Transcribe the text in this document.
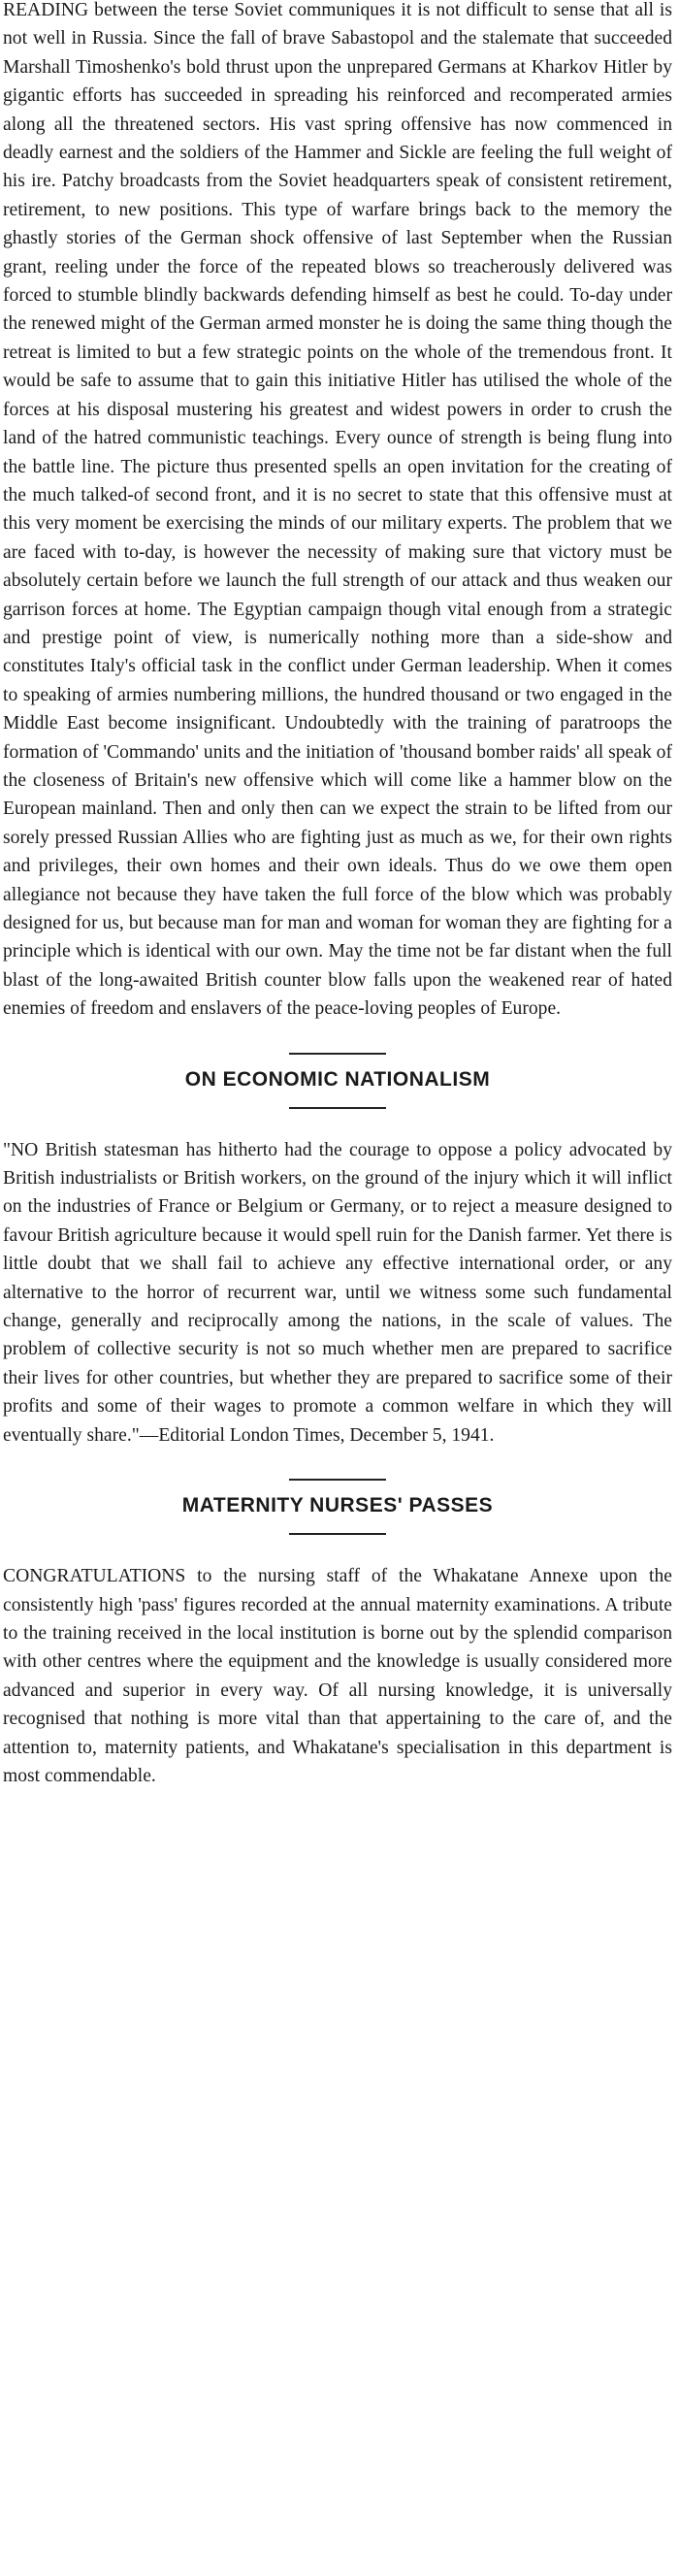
READING between the terse Soviet communiques it is not difficult to sense that all is not well in Russia. Since the fall of brave Sabastopol and the stalemate that succeeded Marshall Timoshenko's bold thrust upon the unprepared Germans at Kharkov Hitler by gigantic efforts has succeeded in spreading his reinforced and recomperated armies along all the threatened sectors. His vast spring offensive has now commenced in deadly earnest and the soldiers of the Hammer and Sickle are feeling the full weight of his ire. Patchy broadcasts from the Soviet headquarters speak of consistent retirement, retirement, to new positions. This type of warfare brings back to the memory the ghastly stories of the German shock offensive of last September when the Russian grant, reeling under the force of the repeated blows so treacherously delivered was forced to stumble blindly backwards defending himself as best he could. To-day under the renewed might of the German armed monster he is doing the same thing though the retreat is limited to but a few strategic points on the whole of the tremendous front. It would be safe to assume that to gain this initiative Hitler has utilised the whole of the forces at his disposal mustering his greatest and widest powers in order to crush the land of the hatred communistic teachings. Every ounce of strength is being flung into the battle line. The picture thus presented spells an open invitation for the creating of the much talked-of second front, and it is no secret to state that this offensive must at this very moment be exercising the minds of our military experts. The problem that we are faced with to-day, is however the necessity of making sure that victory must be absolutely certain before we launch the full strength of our attack and thus weaken our garrison forces at home. The Egyptian campaign though vital enough from a strategic and prestige point of view, is numerically nothing more than a side-show and constitutes Italy's official task in the conflict under German leadership. When it comes to speaking of armies numbering millions, the hundred thousand or two engaged in the Middle East become insignificant. Undoubtedly with the training of paratroops the formation of 'Commando' units and the initiation of 'thousand bomber raids' all speak of the closeness of Britain's new offensive which will come like a hammer blow on the European mainland. Then and only then can we expect the strain to be lifted from our sorely pressed Russian Allies who are fighting just as much as we, for their own rights and privileges, their own homes and their own ideals. Thus do we owe them open allegiance not because they have taken the full force of the blow which was probably designed for us, but because man for man and woman for woman they are fighting for a principle which is identical with our own. May the time not be far distant when the full blast of the long-awaited British counter blow falls upon the weakened rear of hated enemies of freedom and enslavers of the peace-loving peoples of Europe.

ON ECONOMIC NATIONALISM

"NO British statesman has hitherto had the courage to oppose a policy advocated by British industrialists or British workers, on the ground of the injury which it will inflict on the industries of France or Belgium or Germany, or to reject a measure designed to favour British agriculture because it would spell ruin for the Danish farmer. Yet there is little doubt that we shall fail to achieve any effective international order, or any alternative to the horror of recurrent war, until we witness some such fundamental change, generally and reciprocally among the nations, in the scale of values. The problem of collective security is not so much whether men are prepared to sacrifice their lives for other countries, but whether they are prepared to sacrifice some of their profits and some of their wages to promote a common welfare in which they will eventually share."—Editorial London Times, December 5, 1941.

MATERNITY NURSES' PASSES

CONGRATULATIONS to the nursing staff of the Whakatane Annexe upon the consistently high 'pass' figures recorded at the annual maternity examinations. A tribute to the training received in the local institution is borne out by the splendid comparison with other centres where the equipment and the knowledge is usually considered more advanced and superior in every way. Of all nursing knowledge, it is universally recognised that nothing is more vital than that appertaining to the care of, and the attention to, maternity patients, and Whakatane's specialisation in this department is most commendable.
